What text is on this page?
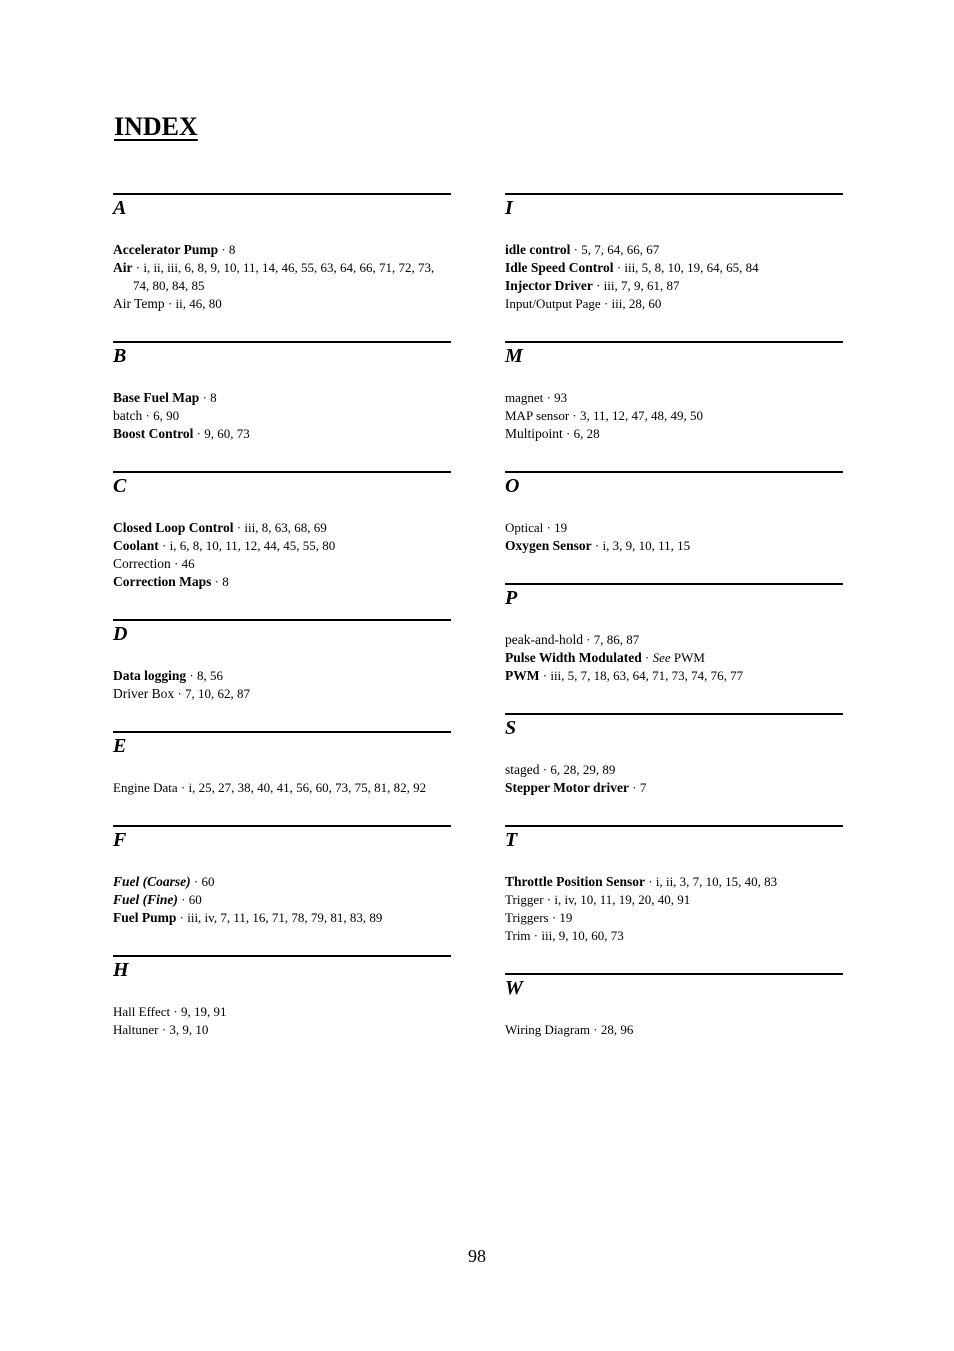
INDEX
A
Accelerator Pump · 8
Air · i, ii, iii, 6, 8, 9, 10, 11, 14, 46, 55, 63, 64, 66, 71, 72, 73, 74, 80, 84, 85
Air Temp · ii, 46, 80
B
Base Fuel Map · 8
batch · 6, 90
Boost Control · 9, 60, 73
C
Closed Loop Control · iii, 8, 63, 68, 69
Coolant · i, 6, 8, 10, 11, 12, 44, 45, 55, 80
Correction · 46
Correction Maps · 8
D
Data logging · 8, 56
Driver Box · 7, 10, 62, 87
E
Engine Data · i, 25, 27, 38, 40, 41, 56, 60, 73, 75, 81, 82, 92
F
Fuel (Coarse) · 60
Fuel (Fine) · 60
Fuel Pump · iii, iv, 7, 11, 16, 71, 78, 79, 81, 83, 89
H
Hall Effect · 9, 19, 91
Haltuner · 3, 9, 10
I
idle control · 5, 7, 64, 66, 67
Idle Speed Control · iii, 5, 8, 10, 19, 64, 65, 84
Injector Driver · iii, 7, 9, 61, 87
Input/Output Page · iii, 28, 60
M
magnet · 93
MAP sensor · 3, 11, 12, 47, 48, 49, 50
Multipoint · 6, 28
O
Optical · 19
Oxygen Sensor · i, 3, 9, 10, 11, 15
P
peak-and-hold · 7, 86, 87
Pulse Width Modulated · See PWM
PWM · iii, 5, 7, 18, 63, 64, 71, 73, 74, 76, 77
S
staged · 6, 28, 29, 89
Stepper Motor driver · 7
T
Throttle Position Sensor · i, ii, 3, 7, 10, 15, 40, 83
Trigger · i, iv, 10, 11, 19, 20, 40, 91
Triggers · 19
Trim · iii, 9, 10, 60, 73
W
Wiring Diagram · 28, 96
98
